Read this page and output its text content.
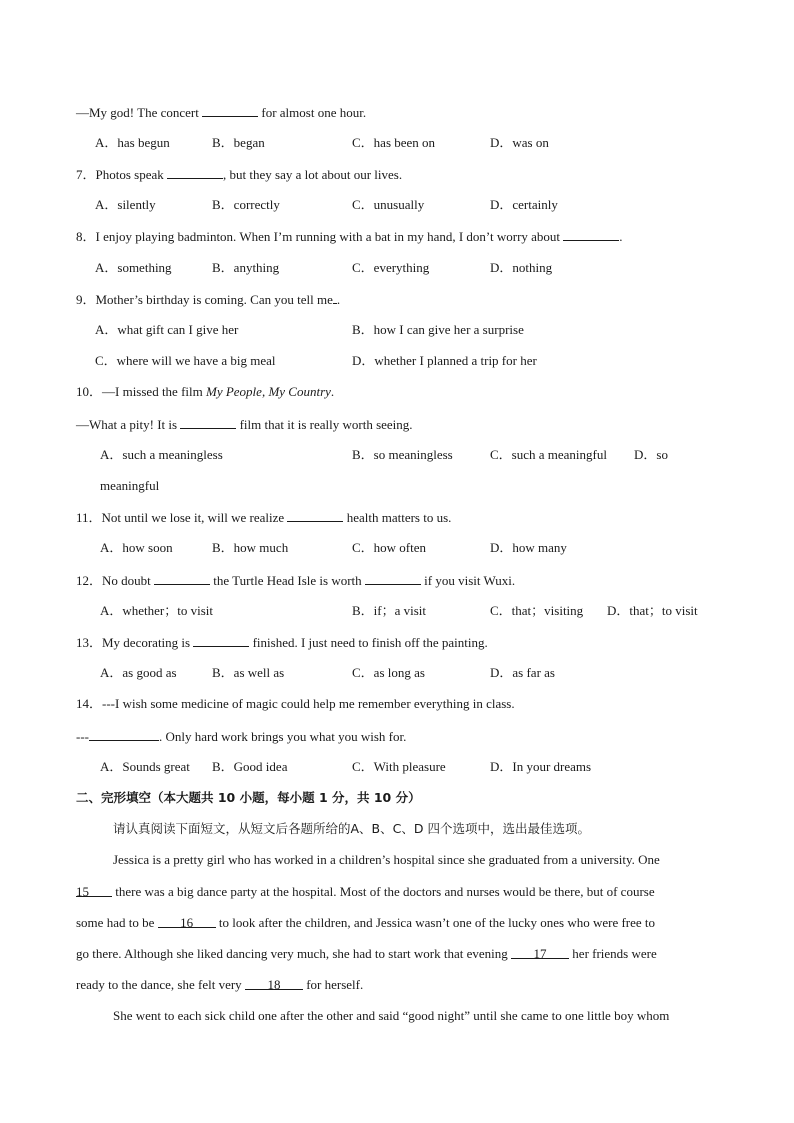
—My god! The concert	for almost one hour.
A．has begun	B．began	C．has been on	D．was on
7．Photos speak	, but they say a lot about our lives.
A．silently	B．correctly	C．unusually	D．certainly
8．I enjoy playing badminton. When I’m running with a bat in my hand, I don’t worry about	.
A．something	B．anything	C．everything	D．nothing
9．Mother’s birthday is coming. Can you tell me .
A．what gift can I give her	B．how I can give her a surprise
C．where will we have a big meal	D．whether I planned a trip for her
10．—I missed the film My People, My Country.
—What a pity! It is	film that it is really worth seeing.
A．such a meaningless	B．so meaningless	C．such a meaningful D．so
meaningful
11．Not until we lose it, will we realize	health matters to us.
A．how soon	B．how much	C．how often	D．how many
12．No doubt	the Turtle Head Isle is worth	if you visit Wuxi.
A．whether；to visit	B．if；a visit	C．that；visiting D．that；to visit
13．My decorating is	finished. I just need to finish off the painting.
A．as good as	B．as well as	C．as long as	D．as far as
14．---I wish some medicine of magic could help me remember everything in class.
---	. Only hard work brings you what you wish for.
A．Sounds great B．Good idea	C．With pleasure	D．In your dreams
二、完形填空（本大题共 10 小题，每小题 1 分，共 10 分）
请认真阅读下面短文，从短文后各题所给的A、B、C、D 四个选项中，选出最佳选项。
Jessica is a pretty girl who has worked in a children’s hospital since she graduated from a university. One
15 there was a big dance party at the hospital. Most of the doctors and nurses would be there, but of course
some had to be 16 to look after the children, and Jessica wasn’t one of the lucky ones who were free to
go there. Although she liked dancing very much, she had to start work that evening 17 her friends were
ready to the dance, she felt very 18 for herself.
She went to each sick child one after the other and said “good night” until she came to one little boy whom
